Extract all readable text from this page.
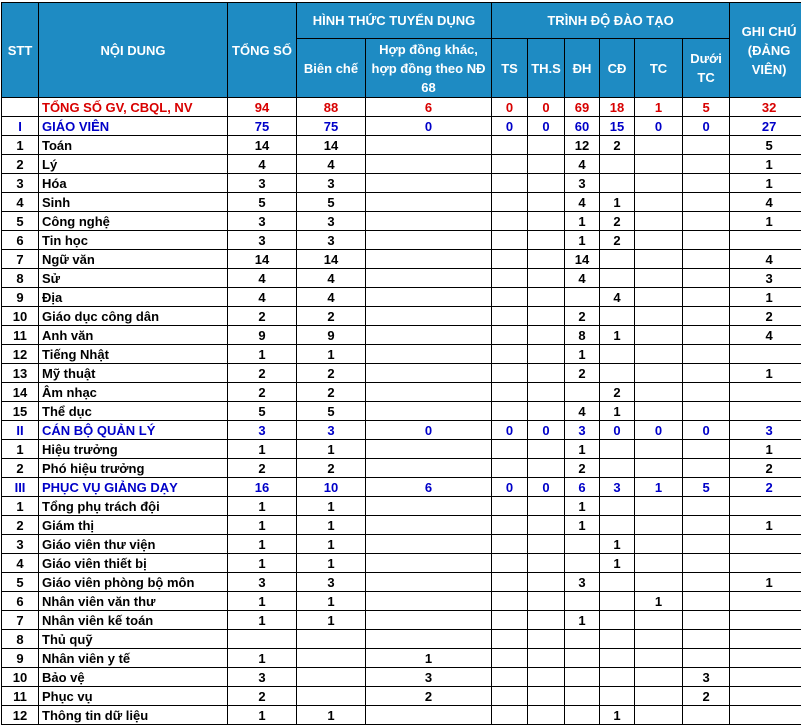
STT	NỘI DUNG	TỔNG SỐ	HÌNH THỨC TUYỂN DỤNG		TRÌNH ĐỘ ĐÀO TẠO						GHI CHÚ (ĐẢNG VIÊN)
			Biên chế	Hợp đồng khác, hợp đồng theo NĐ 68	TS	TH.S	ĐH	CĐ	TC	Dưới TC	
	TỔNG SỐ GV, CBQL, NV	94	88	6	0	0	69	18	1	5	32
I	GIÁO VIÊN	75	75	0	0	0	60	15	0	0	27
1	Toán	14	14				12	2			5
2	Lý	4	4				4				1
3	Hóa	3	3				3				1
4	Sinh	5	5				4	1			4
5	Công nghệ	3	3				1	2			1
6	Tin học	3	3				1	2			
7	Ngữ văn	14	14				14				4
8	Sử	4	4				4				3
9	Địa	4	4					4			1
10	Giáo dục công dân	2	2				2				2
11	Anh văn	9	9				8	1			4
12	Tiếng Nhật	1	1				1				
13	Mỹ thuật	2	2				2				1
14	Âm nhạc	2	2					2			
15	Thể dục	5	5				4	1			
II	CÁN BỘ QUẢN LÝ	3	3	0	0	0	3	0	0	0	3
1	Hiệu trưởng	1	1				1				1
2	Phó hiệu trưởng	2	2				2				2
III	PHỤC VỤ GIẢNG DẠY	16	10	6	0	0	6	3	1	5	2
1	Tổng phụ trách đội	1	1				1				
2	Giám thị	1	1				1				1
3	Giáo viên thư viện	1	1					1			
4	Giáo viên thiết bị	1	1					1			
5	Giáo viên phòng bộ môn	3	3				3				1
6	Nhân viên văn thư	1	1						1		
7	Nhân viên kế toán	1	1				1				
8	Thủ quỹ										
9	Nhân viên y tế	1		1							
10	Bảo vệ	3		3						3	
11	Phục vụ	2		2						2	
12	Thông tin dữ liệu	1	1					1			
